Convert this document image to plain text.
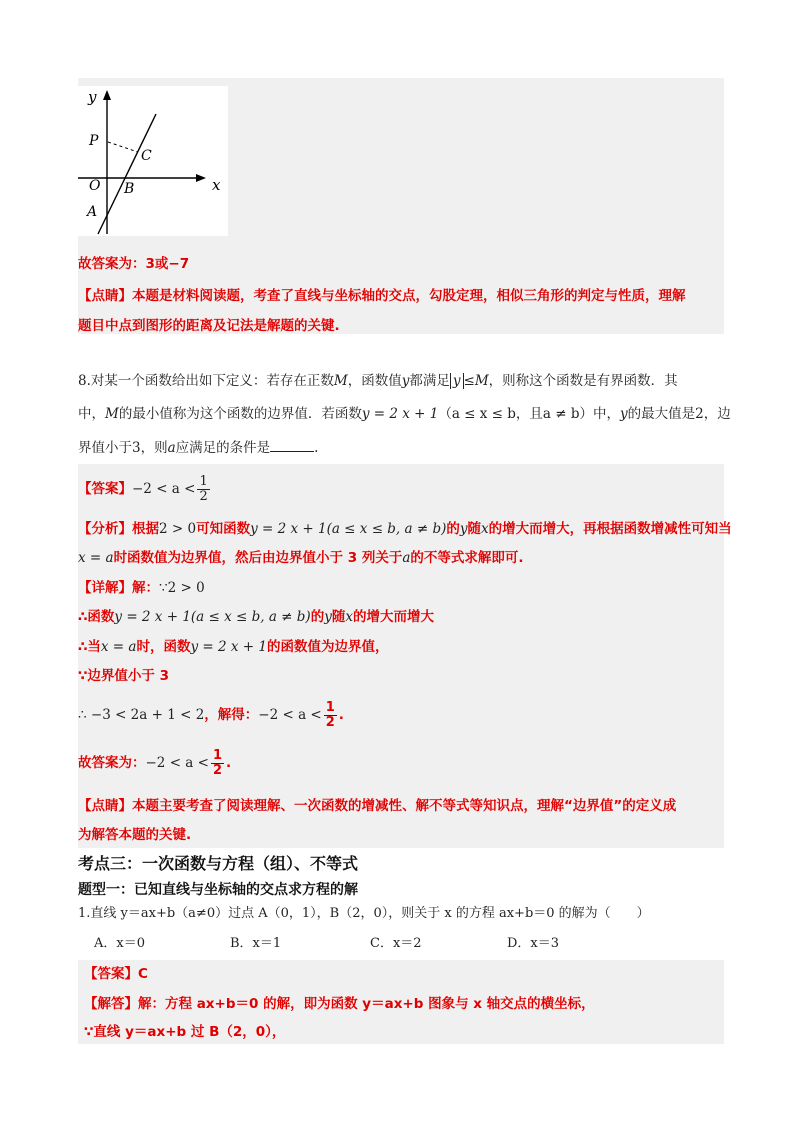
y
x
P
C
O B
A
故答案为：3或−7
【点睛】本题是材料阅读题，考查了直线与坐标轴的交点，勾股定理，相似三角形的判定与性质，理解
题目中点到图形的距离及记法是解题的关键.
8.对某一个函数给出如下定义：若存在正数M，函数值y都满足 y ≤M，则称这个函数是有界函数．其
中，M的最小值称为这个函数的边界值．若函数y = 2 x + 1（a ≤ x ≤ b，且a ≠ b）中，y的最大值是2，边
界值小于3，则a应满足的条件是	.
【答案】$-2 < a < \frac{1}{2}$
【分析】根据2 > 0可知函数y = 2 x + 1(a ≤ x ≤ b, a ≠ b)的y随x的增大而增大，再根据函数增减性可知当
x = a时函数值为边界值，然后由边界值小于 3 列关于a的不等式求解即可.
【详解】解：∵2 > 0
∴函数y = 2 x + 1(a ≤ x ≤ b, a ≠ b)的y随x的增大而增大
∴当x = a时，函数y = 2 x + 1的函数值为边界值，
∵边界值小于 3
∴ −3 < 2a + 1 < 2，解得：$-2 < a < \frac{1}{2}$ .
故答案为：$-2 < a < \frac{1}{2}$ .
【点睛】本题主要考查了阅读理解、一次函数的增减性、解不等式等知识点，理解“边界值”的定义成
为解答本题的关键.
考点三：一次函数与方程（组）、不等式
题型一：已知直线与坐标轴的交点求方程的解
1.直线 y＝ax+b（a≠0）过点 A（0，1），B（2，0），则关于 x 的方程 ax+b＝0 的解为（　　）
A．x＝0	B．x＝1	C．x＝2	D．x＝3
【答案】C
【解答】解：方程 ax+b＝0 的解，即为函数 y＝ax+b 图象与 x 轴交点的横坐标，
∵直线 y＝ax+b 过 B（2，0），
